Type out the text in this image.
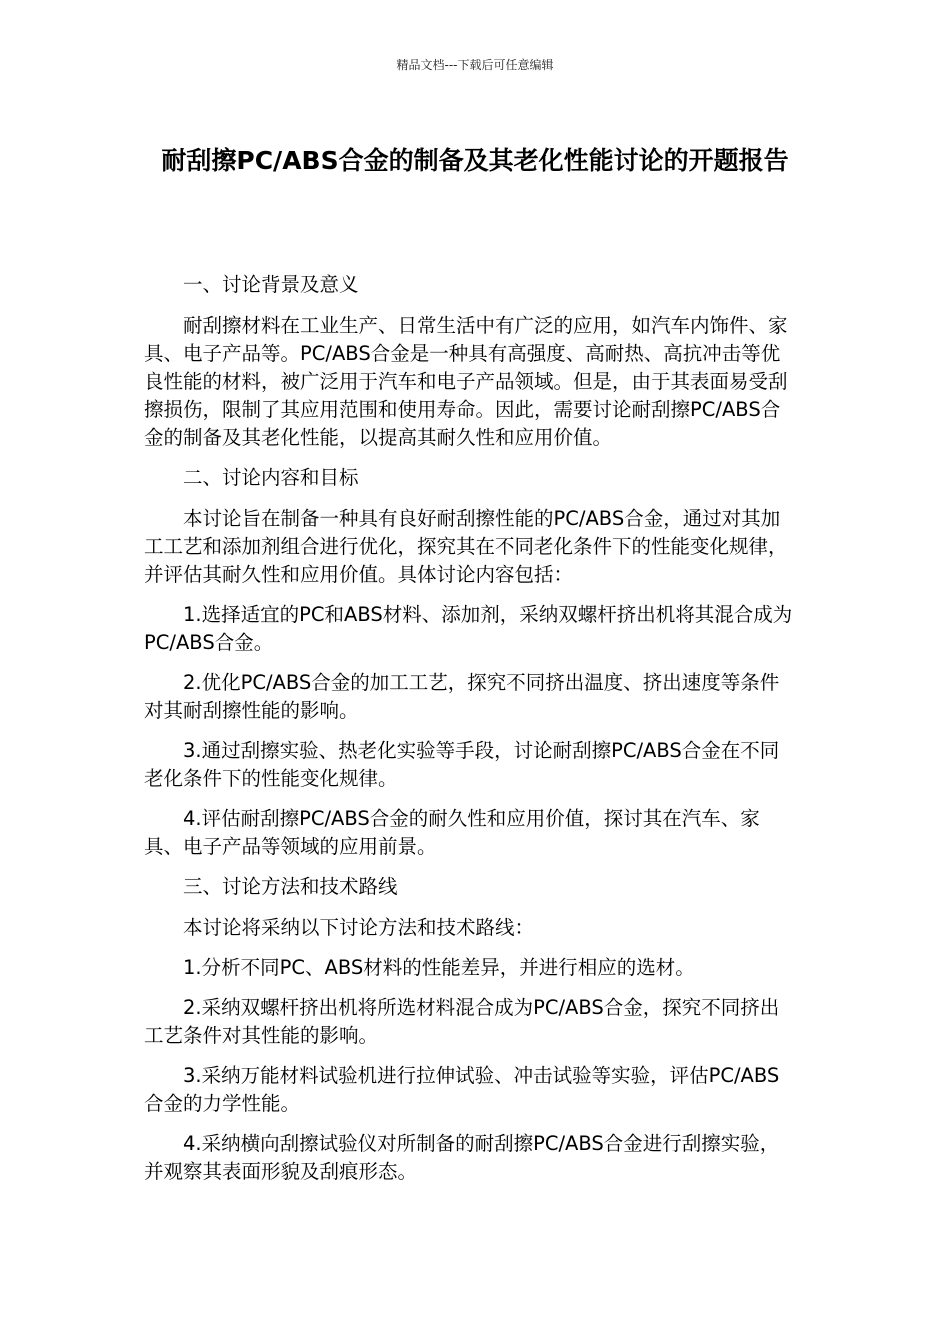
精品文档---下载后可任意编辑
耐刮擦PC/ABS合金的制备及其老化性能讨论的开题报告

一、讨论背景及意义

耐刮擦材料在工业生产、日常生活中有广泛的应用，如汽车内饰件、家具、电子产品等。PC/ABS合金是一种具有高强度、高耐热、高抗冲击等优良性能的材料，被广泛用于汽车和电子产品领域。但是，由于其表面易受刮擦损伤，限制了其应用范围和使用寿命。因此，需要讨论耐刮擦PC/ABS合金的制备及其老化性能，以提高其耐久性和应用价值。

二、讨论内容和目标

本讨论旨在制备一种具有良好耐刮擦性能的PC/ABS合金，通过对其加工工艺和添加剂组合进行优化，探究其在不同老化条件下的性能变化规律，并评估其耐久性和应用价值。具体讨论内容包括：

1.选择适宜的PC和ABS材料、添加剂，采纳双螺杆挤出机将其混合成为PC/ABS合金。

2.优化PC/ABS合金的加工工艺，探究不同挤出温度、挤出速度等条件对其耐刮擦性能的影响。

3.通过刮擦实验、热老化实验等手段，讨论耐刮擦PC/ABS合金在不同老化条件下的性能变化规律。

4.评估耐刮擦PC/ABS合金的耐久性和应用价值，探讨其在汽车、家具、电子产品等领域的应用前景。

三、讨论方法和技术路线

本讨论将采纳以下讨论方法和技术路线：

1.分析不同PC、ABS材料的性能差异，并进行相应的选材。

2.采纳双螺杆挤出机将所选材料混合成为PC/ABS合金，探究不同挤出工艺条件对其性能的影响。

3.采纳万能材料试验机进行拉伸试验、冲击试验等实验，评估PC/ABS合金的力学性能。

4.采纳横向刮擦试验仪对所制备的耐刮擦PC/ABS合金进行刮擦实验，并观察其表面形貌及刮痕形态。
